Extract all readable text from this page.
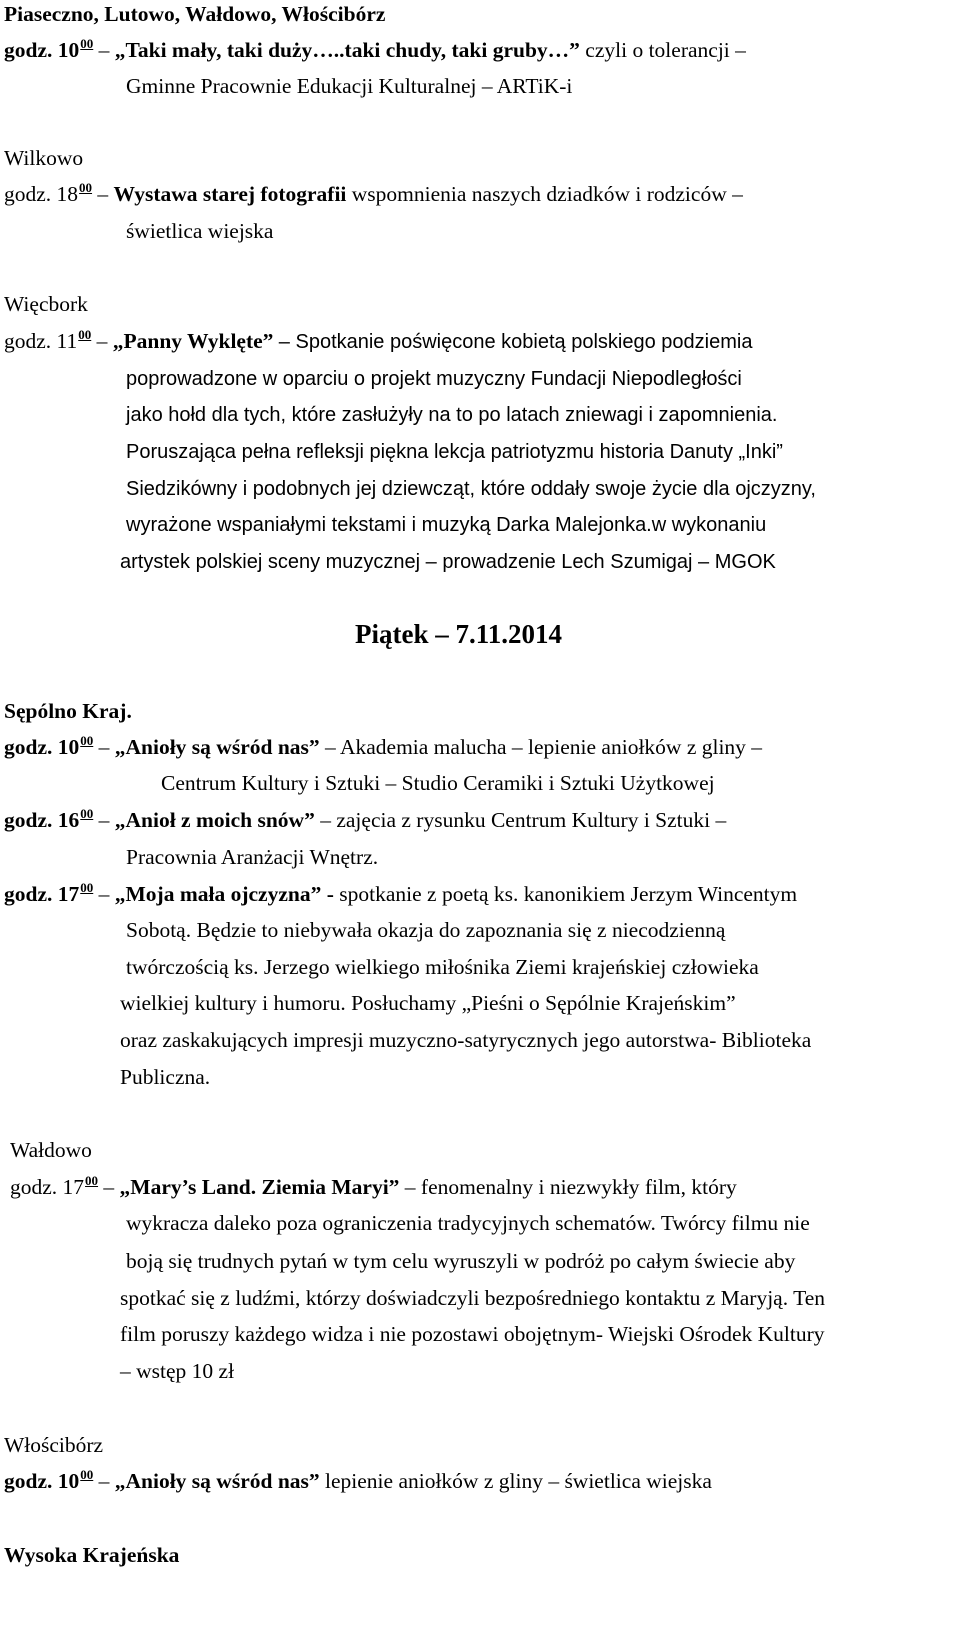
Piaseczno, Lutowo, Wałdowo, Włościbórz
godz. $10^{00}$ – „Taki mały, taki duży…..taki chudy, taki gruby…” czyli o tolerancji –
Gminne Pracownie Edukacji Kulturalnej – ARTiK-i
Wilkowo
godz. $18^{00}$ – Wystawa starej fotografii wspomnienia naszych dziadków i rodziców –
świetlica wiejska
Więcbork
godz. $11^{00}$ – „Panny Wyklęte” – Spotkanie poświęcone kobietą polskiego podziemia
poprowadzone w oparciu o projekt muzyczny Fundacji Niepodległości
jako hołd dla tych, które zasłużyły na to po latach zniewagi i zapomnienia.
Poruszająca pełna refleksji piękna lekcja patriotyzmu historia Danuty „Inki”
Siedzikówny i podobnych jej dziewcząt, które oddały swoje życie dla ojczyzny,
wyrażone wspaniałymi tekstami i muzyką Darka Malejonka.w wykonaniu
artystek polskiej sceny muzycznej – prowadzenie Lech Szumigaj – MGOK
Piątek – 7.11.2014
Sępólno Kraj.
godz. $10^{00}$ – „Anioły są wśród nas” – Akademia malucha – lepienie aniołków z gliny –
Centrum Kultury i Sztuki – Studio Ceramiki i Sztuki Użytkowej
godz. $16^{00}$ – „Anioł z moich snów” – zajęcia z rysunku Centrum Kultury i Sztuki –
Pracownia Aranżacji Wnętrz.
godz. $17^{00}$ – „Moja mała ojczyzna” - spotkanie z poetą ks. kanonikiem Jerzym Wincentym
Sobotą. Będzie to niebywała okazja do zapoznania się z niecodzienną
twórczością ks. Jerzego wielkiego miłośnika Ziemi krajeńskiej człowieka
wielkiej kultury i humoru. Posłuchamy „Pieśni o Sępólnie Krajeńskim”
oraz zaskakujących impresji muzyczno-satyrycznych jego autorstwa- Biblioteka
Publiczna.
Wałdowo
godz. $17^{00}$ – „Mary’s Land. Ziemia Maryi” – fenomenalny i niezwykły film, który
wykracza daleko poza ograniczenia tradycyjnych schematów. Twórcy filmu nie
boją się trudnych pytań w tym celu wyruszyli w podróż po całym świecie aby
spotkać się z ludźmi, którzy doświadczyli bezpośredniego kontaktu z Maryją. Ten
film poruszy każdego widza i nie pozostawi obojętnym- Wiejski Ośrodek Kultury
– wstęp 10 zł
Włościbórz
godz. $10^{00}$ – „Anioły są wśród nas” lepienie aniołków z gliny – świetlica wiejska
Wysoka Krajeńska
